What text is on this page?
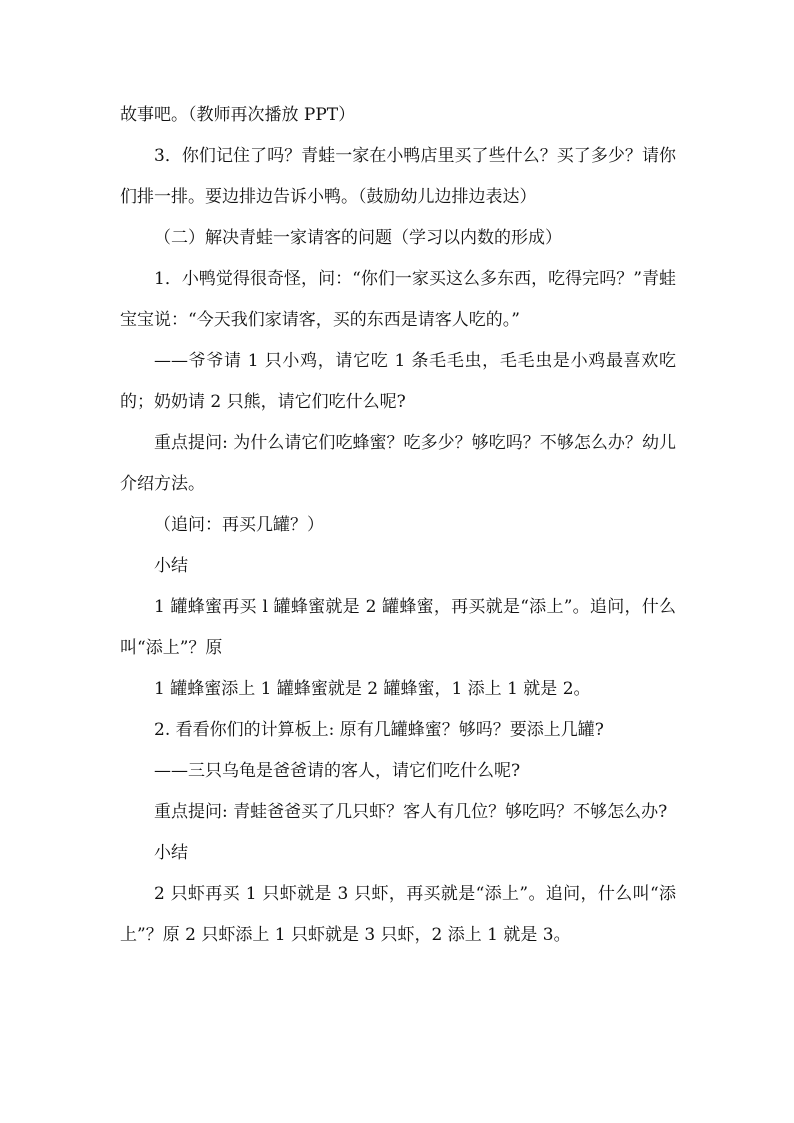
故事吧。（教师再次播放 PPT）

3．你们记住了吗？青蛙一家在小鸭店里买了些什么？买了多少？请你们排一排。要边排边告诉小鸭。（鼓励幼儿边排边表达）

（二）解决青蛙一家请客的问题（学习以内数的形成）

1．小鸭觉得很奇怪，问：“你们一家买这么多东西，吃得完吗？”青蛙宝宝说：“今天我们家请客，买的东西是请客人吃的。”

——爷爷请 1 只小鸡，请它吃 1 条毛毛虫，毛毛虫是小鸡最喜欢吃的；奶奶请 2 只熊，请它们吃什么呢?

重点提问: 为什么请它们吃蜂蜜？吃多少？够吃吗？不够怎么办？幼儿介绍方法。

（追问：再买几罐？）

小结

1 罐蜂蜜再买 l 罐蜂蜜就是 2 罐蜂蜜，再买就是“添上”。追问，什么叫“添上”？原

1 罐蜂蜜添上 1 罐蜂蜜就是 2 罐蜂蜜，1 添上 1 就是 2。

2. 看看你们的计算板上: 原有几罐蜂蜜？够吗？要添上几罐?

——三只乌龟是爸爸请的客人，请它们吃什么呢?

重点提问: 青蛙爸爸买了几只虾？客人有几位？够吃吗？不够怎么办?

小结

2 只虾再买 1 只虾就是 3 只虾，再买就是“添上”。追问，什么叫“添上”？原 2 只虾添上 1 只虾就是 3 只虾，2 添上 1 就是 3。
